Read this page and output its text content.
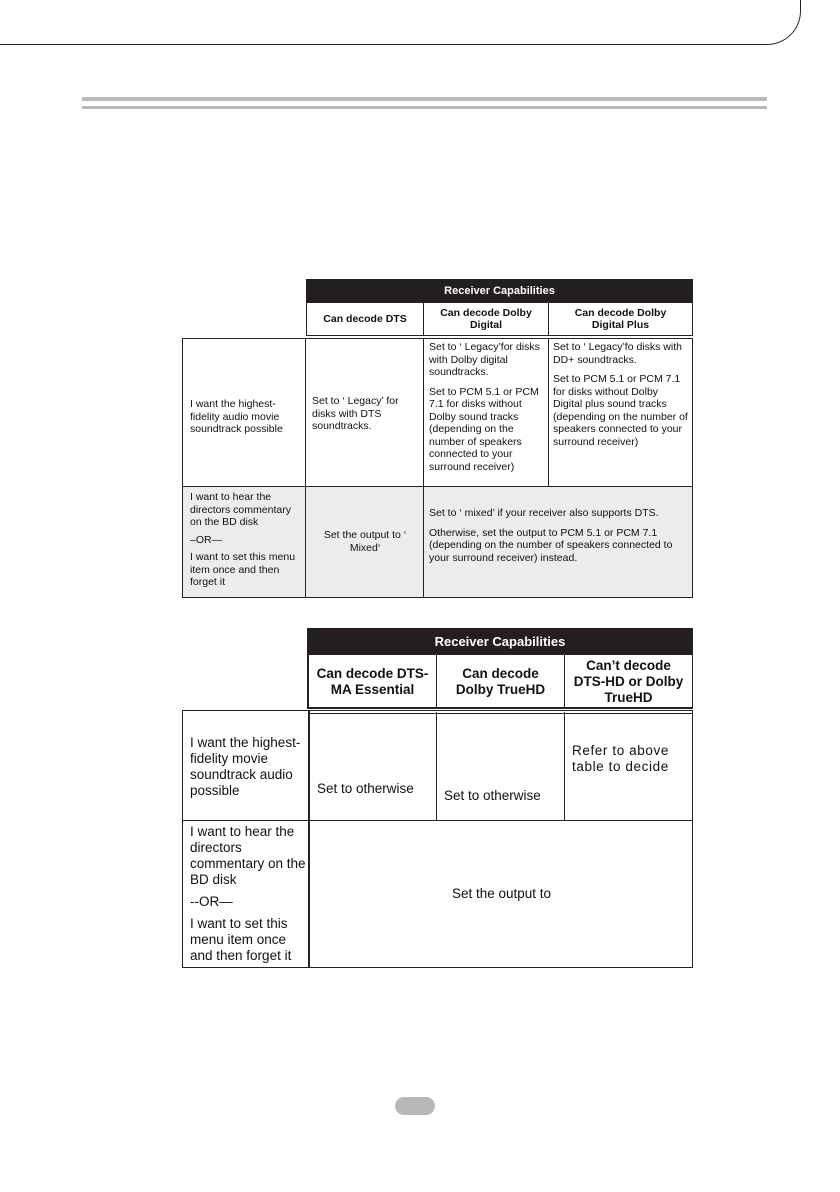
Receiver Capabilities
Can decode DTS
Can decode Dolby Digital
Can decode Dolby Digital Plus
I want the highest-fidelity audio movie soundtrack possible
Set to ‘ Legacy’ for disks with DTS soundtracks.

Set to ‘ Legacy’for disks with Dolby digital soundtracks.

Set to PCM 5.1 or PCM 7.1 for disks without Dolby sound tracks (depending on the number of speakers connected to your surround receiver)

Set to ‘ Legacy’fo disks with DD+ soundtracks.

Set to PCM 5.1 or PCM 7.1 for disks without Dolby Digital plus sound tracks (depending on the number of speakers connected to your surround receiver)

I want to hear the directors commentary on the BD disk

–OR—

I want to set this menu item once and then forget it

Set the output to ‘ Mixed‘

Set to ‘ mixed’ if your receiver also supports DTS.

Otherwise, set the output to PCM 5.1 or PCM 7.1 (depending on the number of speakers connected to your surround receiver) instead.

Receiver Capabilities
Can decode DTS-MA Essential
Can decode Dolby TrueHD
Can’t decode DTS-HD or Dolby TrueHD
I want the highest-fidelity movie soundtrack audio possible	Set to otherwise	Set to otherwise
Refer to above table to decide

I want to hear the directors commentary on the BD disk

--OR—

I want to set this menu item once and then forget it

Set the output to
